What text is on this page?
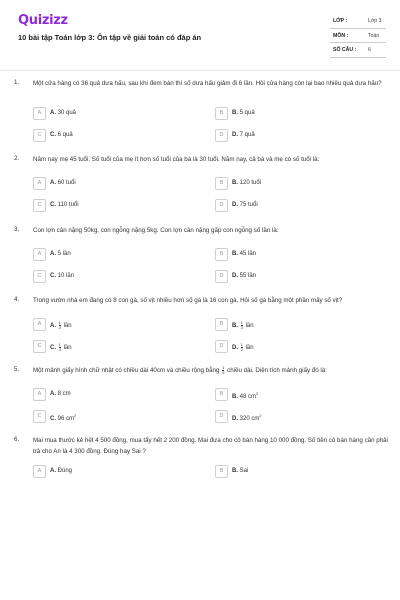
Quizizz
10 bài tập Toán lớp 3: Ôn tập về giải toán có đáp án
LỚP :	Lớp 3
MÔN :	Toán
SỐ CÂU : 6
1. Một cửa hàng có 36 quả dưa hấu, sau khi đem bán thì số dưa hấu giảm đi 6 lần. Hỏi cửa hàng còn lại bao nhiêu quả dưa hấu?
A	A. 30 quả	B	B. 5 quả
C	C. 6 quả	D	D. 7 quả
2. Năm nay mẹ 45 tuổi. Số tuổi của mẹ ít hơn số tuổi của bà là 30 tuổi. Năm nay, cả bà và mẹ có số tuổi là:
A	A. 60 tuổi	B	B. 120 tuổi
C	C. 110 tuổi	D	D. 75 tuổi
3. Con lợn cân nặng 50kg, con ngỗng nặng 5kg. Con lợn cân nặng gấp con ngỗng số lần là:
A	A. 5 lần	B	B. 45 lần
C	C. 10 lần	D	D. 55 lần
4. Trong vườn nhà em đang có 8 con gà, số vịt nhiều hơn số gà là 16 con gà. Hỏi số gà bằng một phần mấy số vịt?
A	A. $\frac{1}{2}$ lần	B	B. $\frac{1}{3}$ lần
C	C. $\frac{1}{4}$ lần	D	D. $\frac{1}{2}$ lần
5. Một mảnh giấy hình chữ nhật có chiều dài 40cm và chiều rộng bằng $\frac{1}{5}$ chiều dài. Diện tích mảnh giấy đó là:
A	A. 8 cm	B	B. 48 $cm^2$
C	C. 96 $cm^2$	D	D. 320 $cm^2$
6. Mai mua thước kẻ hết 4 500 đồng, mua tẩy hết 2 200 đồng. Mai đưa cho cô bán hàng 10 000 đồng. Số tiền cô bán hàng cần phải trả cho An là 4 300 đồng. Đúng hay Sai ?
A	A. Đúng	B	B. Sai
